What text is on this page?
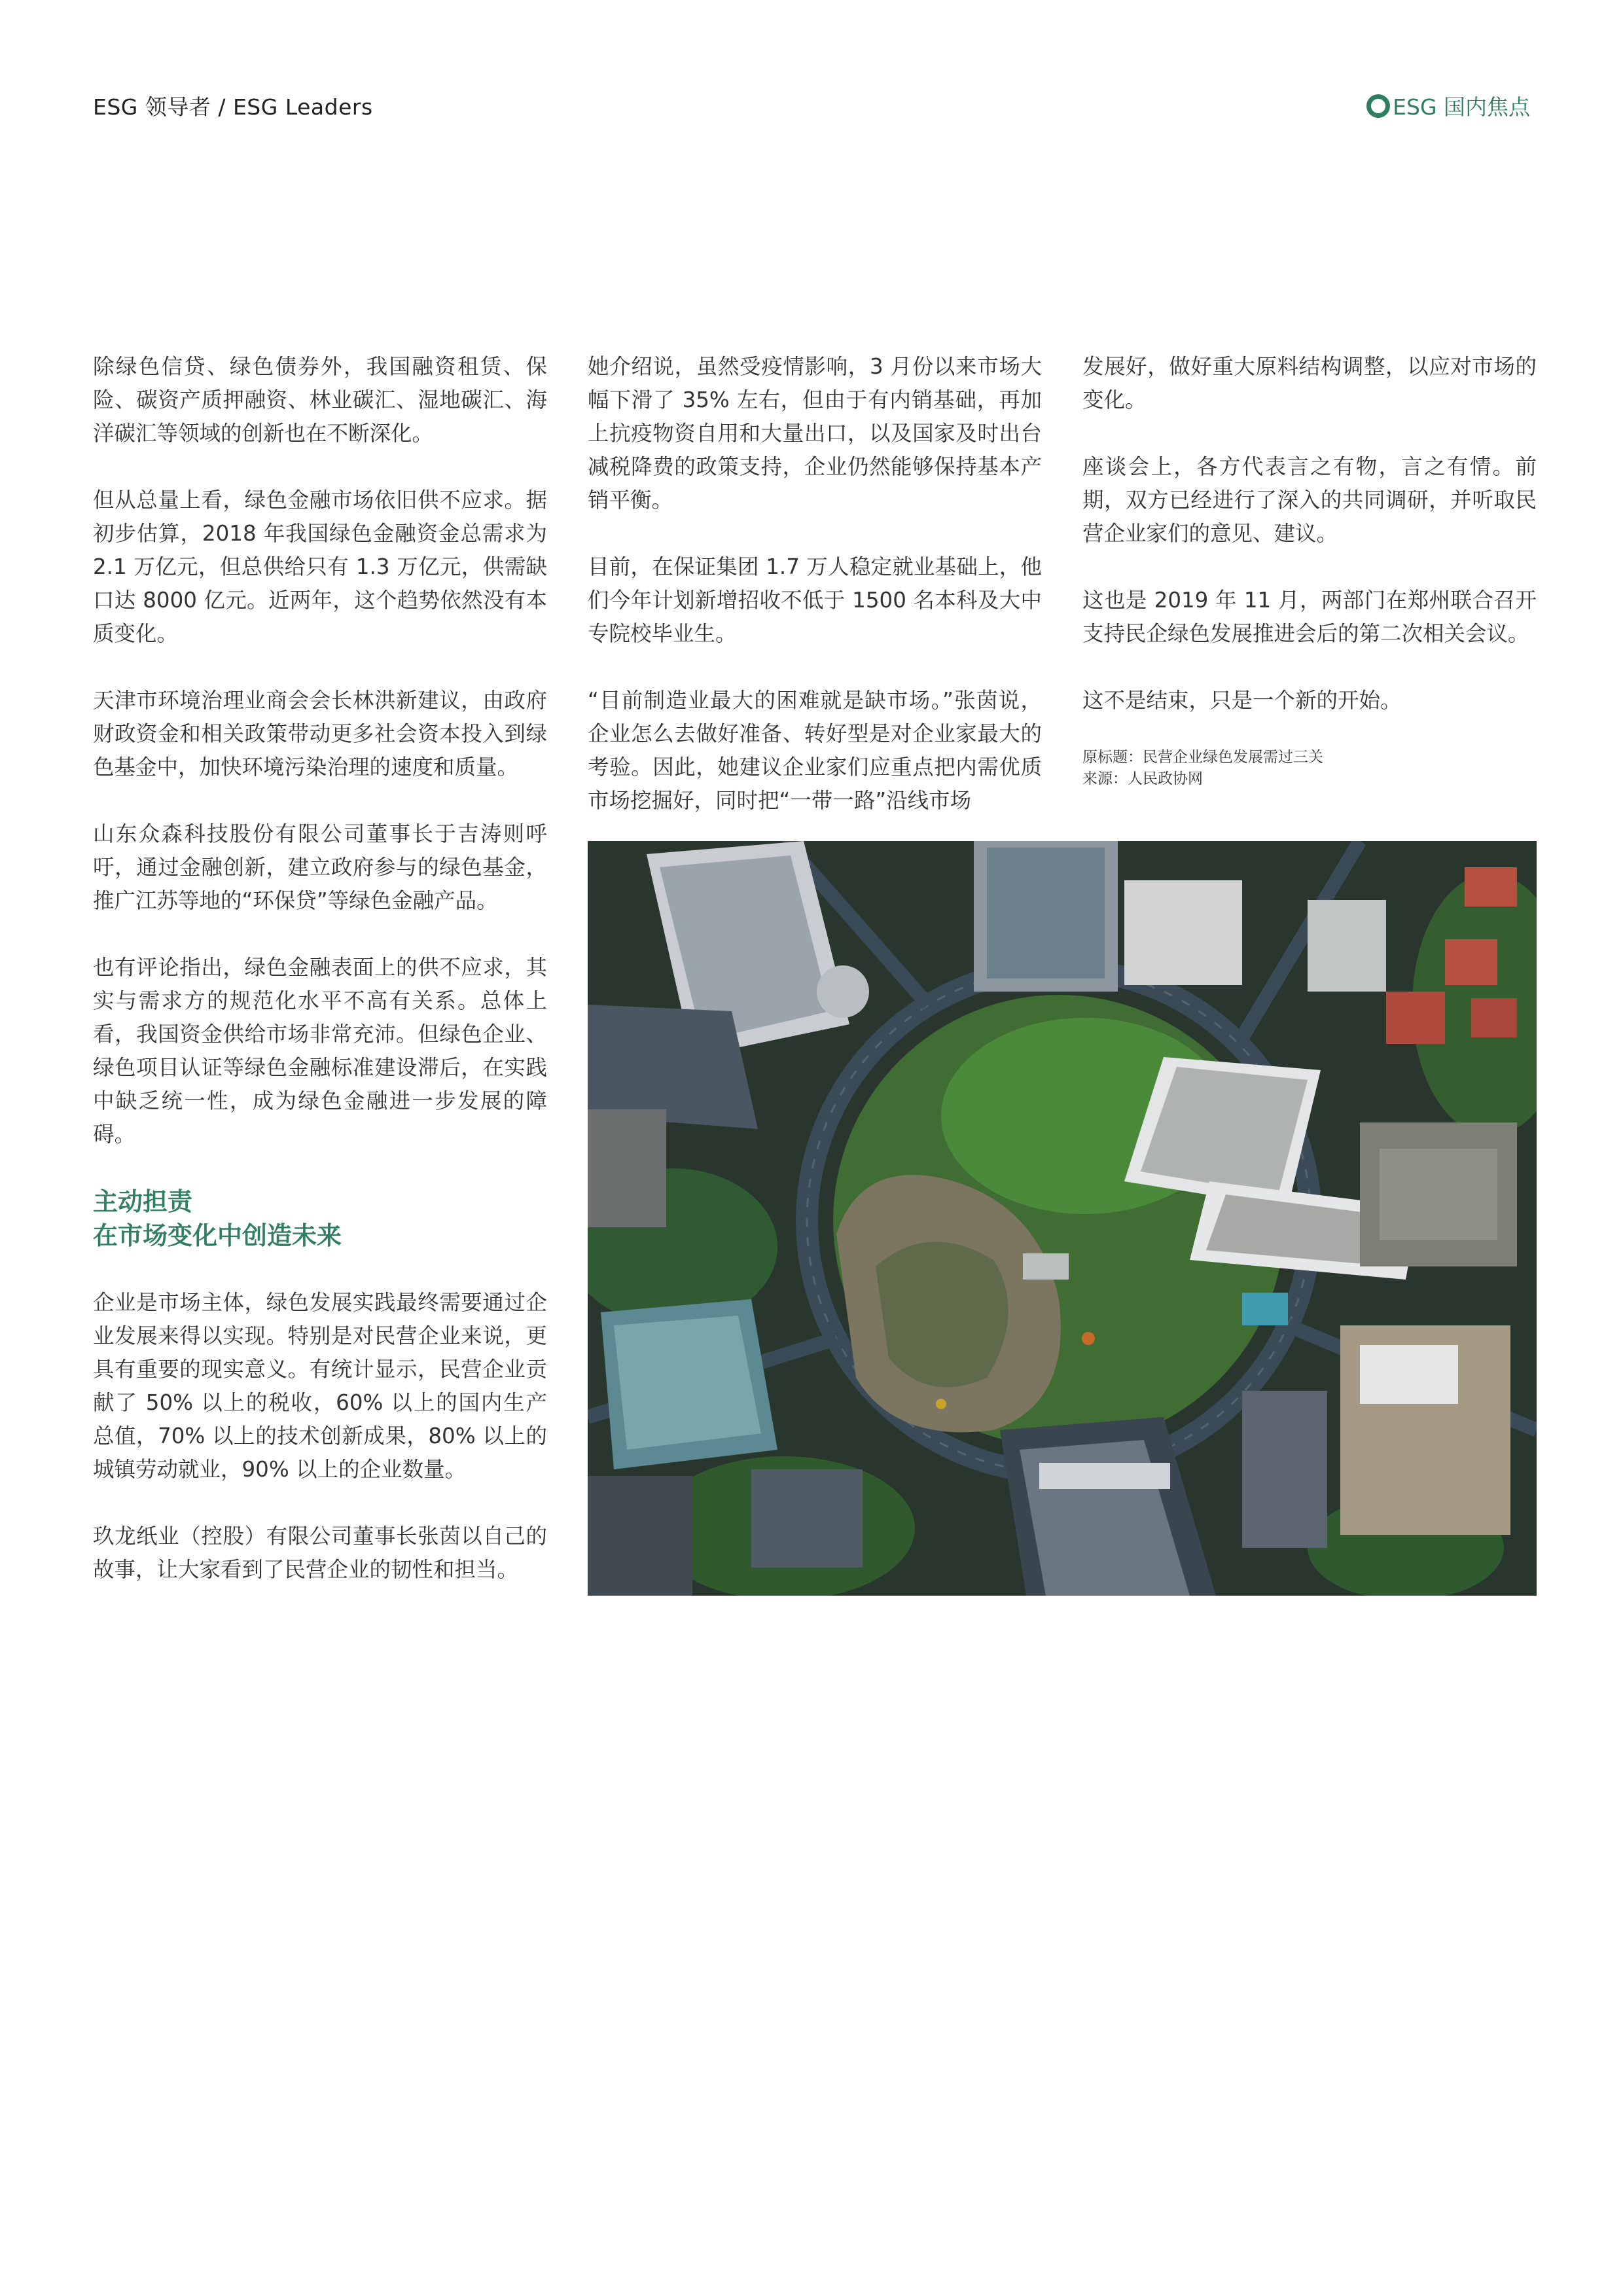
ESG 领导者 / ESG Leaders	ESG 国内焦点

除绿色信贷、绿色债券外，我国融资租赁、保险、碳资产质押融资、林业碳汇、湿地碳汇、海洋碳汇等领域的创新也在不断深化。

但从总量上看，绿色金融市场依旧供不应求。据初步估算，2018 年我国绿色金融资金总需求为 2.1 万亿元，但总供给只有 1.3 万亿元，供需缺口达 8000 亿元。近两年，这个趋势依然没有本质变化。

天津市环境治理业商会会长林洪新建议，由政府财政资金和相关政策带动更多社会资本投入到绿色基金中，加快环境污染治理的速度和质量。

山东众森科技股份有限公司董事长于吉涛则呼吁，通过金融创新，建立政府参与的绿色基金，推广江苏等地的“环保贷”等绿色金融产品。

也有评论指出，绿色金融表面上的供不应求，其实与需求方的规范化水平不高有关系。总体上看，我国资金供给市场非常充沛。但绿色企业、绿色项目认证等绿色金融标准建设滞后，在实践中缺乏统一性，成为绿色金融进一步发展的障碍。

主动担责
在市场变化中创造未来

企业是市场主体，绿色发展实践最终需要通过企业发展来得以实现。特别是对民营企业来说，更具有重要的现实意义。有统计显示，民营企业贡献了 50% 以上的税收，60% 以上的国内生产总值，70% 以上的技术创新成果，80% 以上的城镇劳动就业，90% 以上的企业数量。

玖龙纸业（控股）有限公司董事长张茵以自己的故事，让大家看到了民营企业的韧性和担当。

她介绍说，虽然受疫情影响，3 月份以来市场大幅下滑了 35% 左右，但由于有内销基础，再加上抗疫物资自用和大量出口，以及国家及时出台减税降费的政策支持，企业仍然能够保持基本产销平衡。

目前，在保证集团 1.7 万人稳定就业基础上，他们今年计划新增招收不低于 1500 名本科及大中专院校毕业生。

“目前制造业最大的困难就是缺市场。”张茵说，企业怎么去做好准备、转好型是对企业家最大的考验。因此，她建议企业家们应重点把内需优质市场挖掘好，同时把“一带一路”沿线市场

发展好，做好重大原料结构调整，以应对市场的变化。

座谈会上，各方代表言之有物，言之有情。前期，双方已经进行了深入的共同调研，并听取民营企业家们的意见、建议。

这也是 2019 年 11 月，两部门在郑州联合召开支持民企绿色发展推进会后的第二次相关会议。

这不是结束，只是一个新的开始。

原标题：民营企业绿色发展需过三关
来源：人民政协网
